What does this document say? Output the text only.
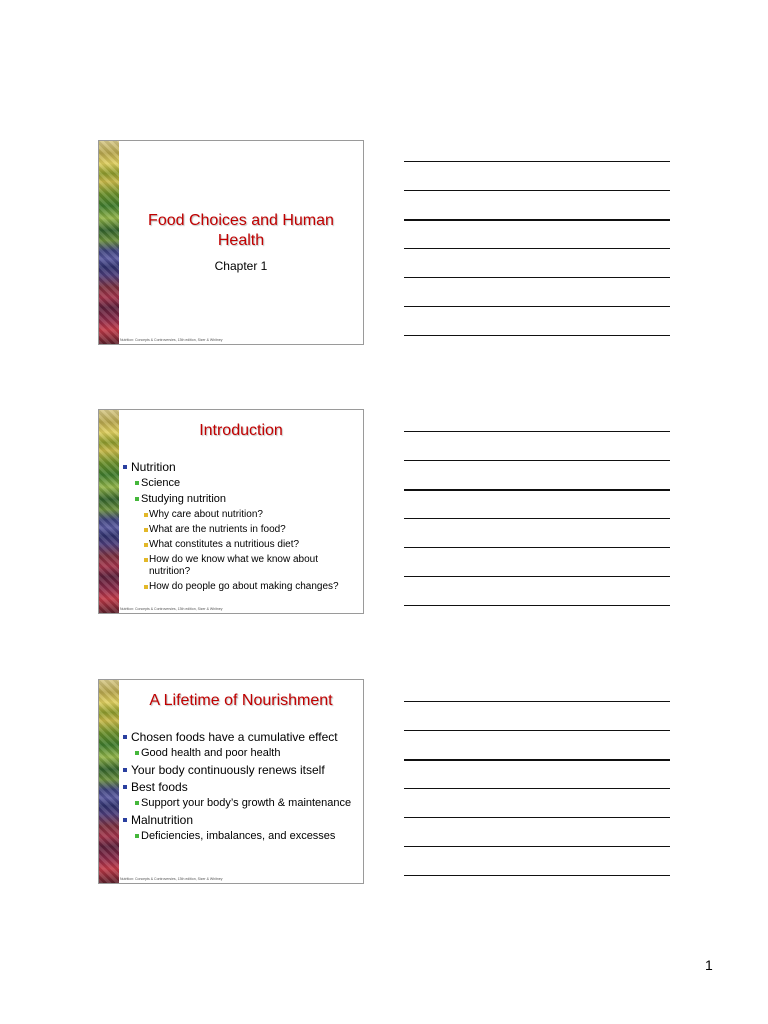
Food Choices and Human Health
Chapter 1
Nutrition: Concepts & Controversies, 13th edition, Sizer & Whitney
Introduction
Nutrition
Science
Studying nutrition
Why care about nutrition?
What are the nutrients in food?
What constitutes a nutritious diet?
How do we know what we know about nutrition?
How do people go about making changes?
Nutrition: Concepts & Controversies, 13th edition, Sizer & Whitney
A Lifetime of Nourishment
Chosen foods have a cumulative effect
Good health and poor health
Your body continuously renews itself
Best foods
Support your body’s growth & maintenance
Malnutrition
Deficiencies, imbalances, and excesses
Nutrition: Concepts & Controversies, 13th edition, Sizer & Whitney
1
